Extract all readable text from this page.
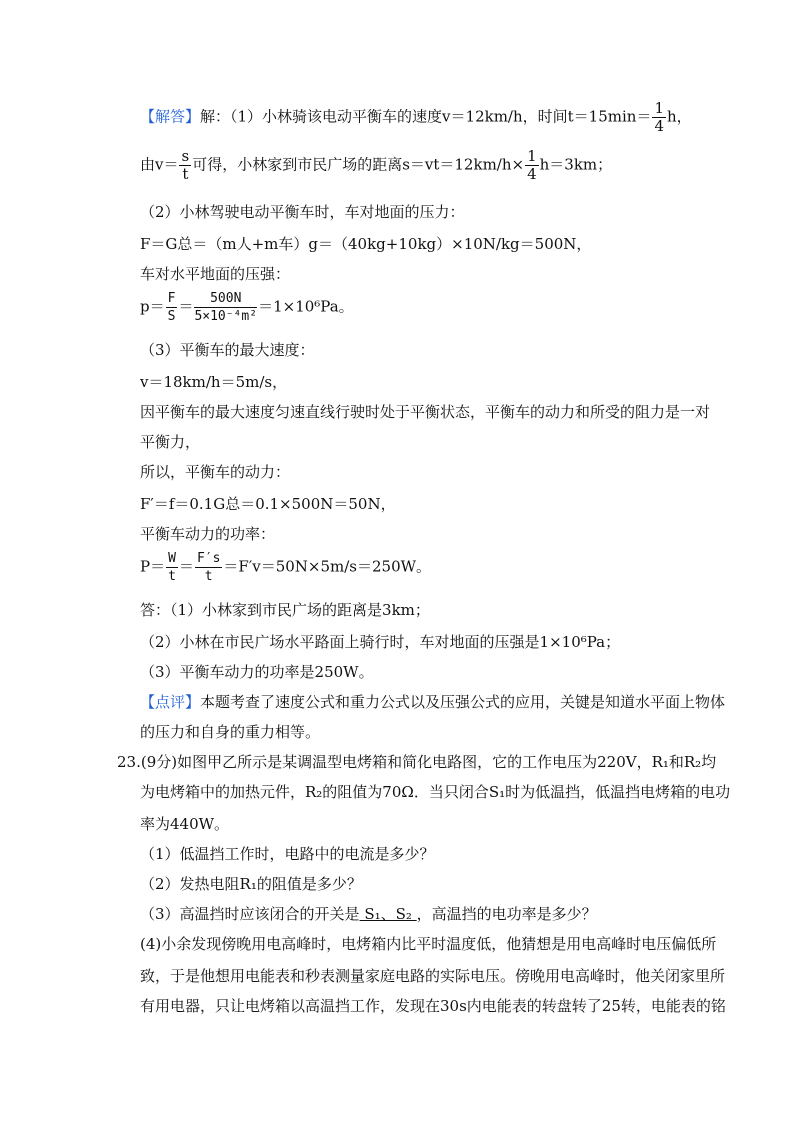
【解答】解：（1）小林骑该电动平衡车的速度v＝12km/h，时间$t=15\min= \frac{1}{4}$ h，
由$v= \frac{s}{t}$ 可得，小林家到市民广场的距离$s=vt=12km/h\times \frac{1}{4} h=3km$；
（2）小林驾驶电动平衡车时，车对地面的压力：
F＝G总＝（m人+m车）g＝（40kg+10kg）×10N/kg＝500N，
车对水平地面的压强：
$p= \frac{F}{S} = \frac{500N}{\text{5×10⁻⁴m²}} =1\times 10^6Pa$。
（3）平衡车的最大速度：
v＝18km/h＝5m/s，
因平衡车的最大速度匀速直线行驶时处于平衡状态，平衡车的动力和所受的阻力是一对
平衡力，
所以，平衡车的动力：
F′＝f＝0.1G总＝0.1×500N＝50N，
平衡车动力的功率：
$P= \frac{W}{t} = \frac{F's}{t} =F'v=50N\times 5m/s=250W$。
答：（1）小林家到市民广场的距离是3km；
（2）小林在市民广场水平路面上骑行时，车对地面的压强是1×10⁶Pa；
（3）平衡车动力的功率是250W。
【点评】本题考查了速度公式和重力公式以及压强公式的应用，关键是知道水平面上物体
的压力和自身的重力相等。
23.(9分)如图甲乙所示是某调温型电烤箱和简化电路图，它的工作电压为220V，R₁和R₂均
为电烤箱中的加热元件，R₂的阻值为70Ω．当只闭合S₁时为低温挡，低温挡电烤箱的电功
率为440W。
（1）低温挡工作时，电路中的电流是多少？
（2）发热电阻R₁的阻值是多少？
（3）高温挡时应该闭合的开关是 S₁、S₂ ，高温挡的电功率是多少？
(4)小余发现傍晚用电高峰时，电烤箱内比平时温度低，他猜想是用电高峰时电压偏低所
致，于是他想用电能表和秒表测量家庭电路的实际电压。傍晚用电高峰时，他关闭家里所
有用电器，只让电烤箱以高温挡工作，发现在30s内电能表的转盘转了25转，电能表的铭
